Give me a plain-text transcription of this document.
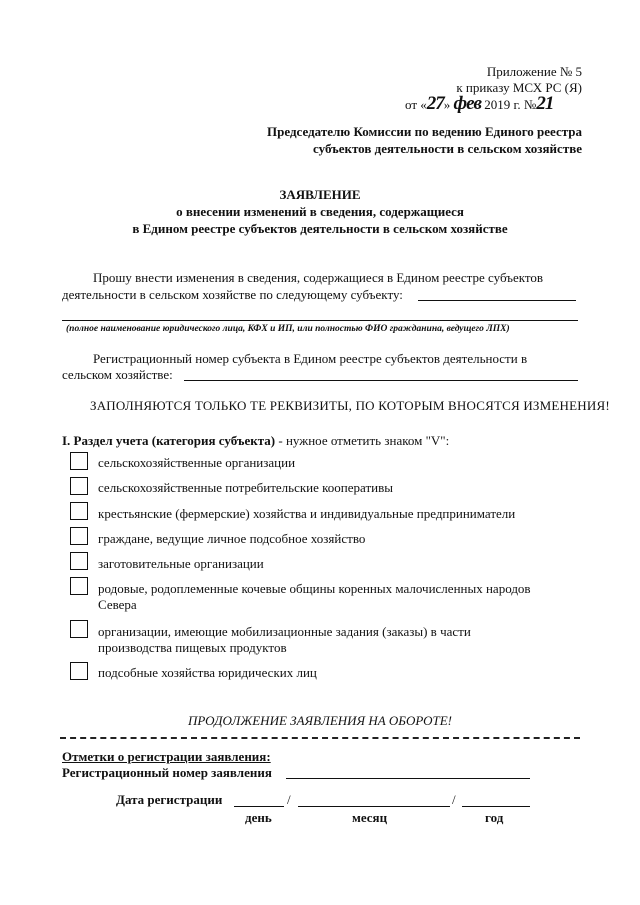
Приложение № 5
к приказу МСХ РС (Я)
от «27» фев 2019 г. №21
Председателю Комиссии по ведению Единого реестра
субъектов деятельности в сельском хозяйстве
ЗАЯВЛЕНИЕ
о внесении изменений в сведения, содержащиеся
в Едином реестре субъектов деятельности в сельском хозяйстве
Прошу внести изменения в сведения, содержащиеся в Едином реестре субъектов
деятельности в сельском хозяйстве по следующему субъекту:
(полное наименование юридического лица, КФХ и ИП, или полностью ФИО гражданина, ведущего ЛПХ)
Регистрационный номер субъекта в Едином реестре субъектов деятельности в
сельском хозяйстве:
ЗАПОЛНЯЮТСЯ ТОЛЬКО ТЕ РЕКВИЗИТЫ, ПО КОТОРЫМ ВНОСЯТСЯ ИЗМЕНЕНИЯ!
I. Раздел учета (категория субъекта) - нужное отметить знаком "V":
сельскохозяйственные организации
сельскохозяйственные потребительские кооперативы
крестьянские (фермерские) хозяйства и индивидуальные предприниматели
граждане, ведущие личное подсобное хозяйство
заготовительные организации
родовые, родоплеменные кочевые общины коренных малочисленных народов
Севера
организации, имеющие мобилизационные задания (заказы) в части
производства пищевых продуктов
подсобные хозяйства юридических лиц
ПРОДОЛЖЕНИЕ ЗАЯВЛЕНИЯ НА ОБОРОТЕ!
Отметки о регистрации заявления:
Регистрационный номер заявления
Дата регистрации	/	/
день	месяц	год
